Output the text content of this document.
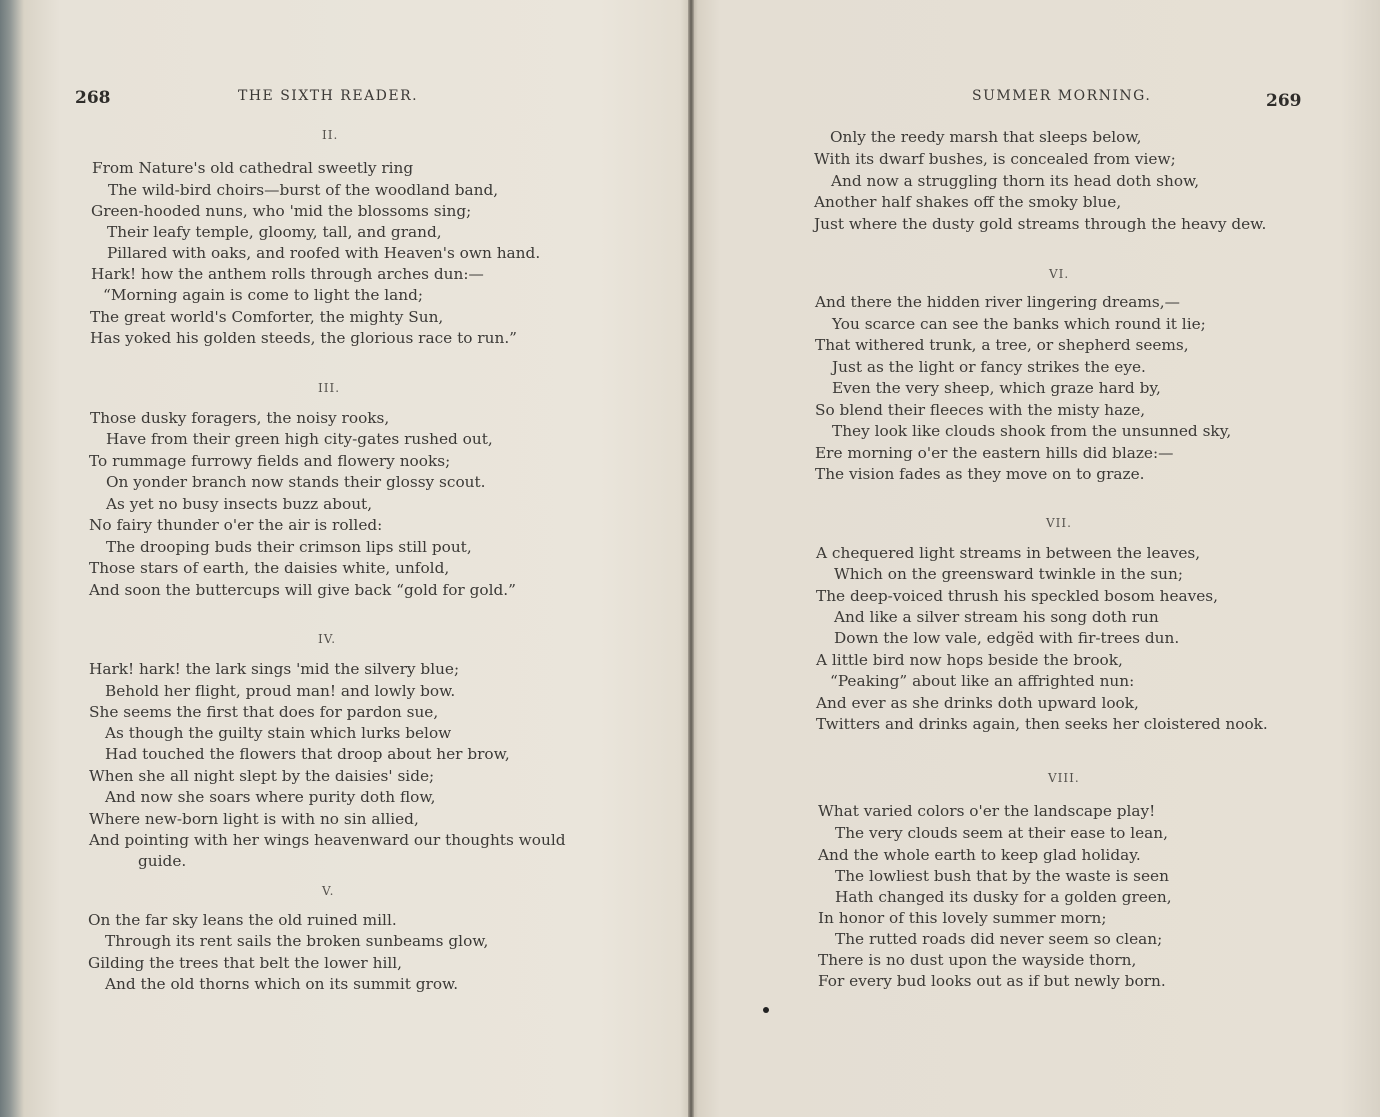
268	THE SIXTH READER.
II.
From Nature's old cathedral sweetly ring
The wild-bird choirs—burst of the woodland band,
Green-hooded nuns, who 'mid the blossoms sing;
Their leafy temple, gloomy, tall, and grand,
Pillared with oaks, and roofed with Heaven's own hand.
Hark! how the anthem rolls through arches dun:—
“Morning again is come to light the land;
The great world's Comforter, the mighty Sun,
Has yoked his golden steeds, the glorious race to run.”
III.
Those dusky foragers, the noisy rooks,
Have from their green high city-gates rushed out,
To rummage furrowy fields and flowery nooks;
On yonder branch now stands their glossy scout.
As yet no busy insects buzz about,
No fairy thunder o'er the air is rolled:
The drooping buds their crimson lips still pout,
Those stars of earth, the daisies white, unfold,
And soon the buttercups will give back “gold for gold.”
IV.
Hark! hark! the lark sings 'mid the silvery blue;
Behold her flight, proud man! and lowly bow.
She seems the first that does for pardon sue,
As though the guilty stain which lurks below
Had touched the flowers that droop about her brow,
When she all night slept by the daisies' side;
And now she soars where purity doth flow,
Where new-born light is with no sin allied,
And pointing with her wings heavenward our thoughts would
guide.
V.
On the far sky leans the old ruined mill.
Through its rent sails the broken sunbeams glow,
Gilding the trees that belt the lower hill,
And the old thorns which on its summit grow.
SUMMER MORNING.	269
Only the reedy marsh that sleeps below,
With its dwarf bushes, is concealed from view;
And now a struggling thorn its head doth show,
Another half shakes off the smoky blue,
Just where the dusty gold streams through the heavy dew.
VI.
And there the hidden river lingering dreams,—
You scarce can see the banks which round it lie;
That withered trunk, a tree, or shepherd seems,
Just as the light or fancy strikes the eye.
Even the very sheep, which graze hard by,
So blend their fleeces with the misty haze,
They look like clouds shook from the unsunned sky,
Ere morning o'er the eastern hills did blaze:—
The vision fades as they move on to graze.
VII.
A chequered light streams in between the leaves,
Which on the greensward twinkle in the sun;
The deep-voiced thrush his speckled bosom heaves,
And like a silver stream his song doth run
Down the low vale, edgëd with fir-trees dun.
A little bird now hops beside the brook,
“Peaking” about like an affrighted nun:
And ever as she drinks doth upward look,
Twitters and drinks again, then seeks her cloistered nook.
VIII.
What varied colors o'er the landscape play!
The very clouds seem at their ease to lean,
And the whole earth to keep glad holiday.
The lowliest bush that by the waste is seen
Hath changed its dusky for a golden green,
In honor of this lovely summer morn;
The rutted roads did never seem so clean;
There is no dust upon the wayside thorn,
For every bud looks out as if but newly born.
